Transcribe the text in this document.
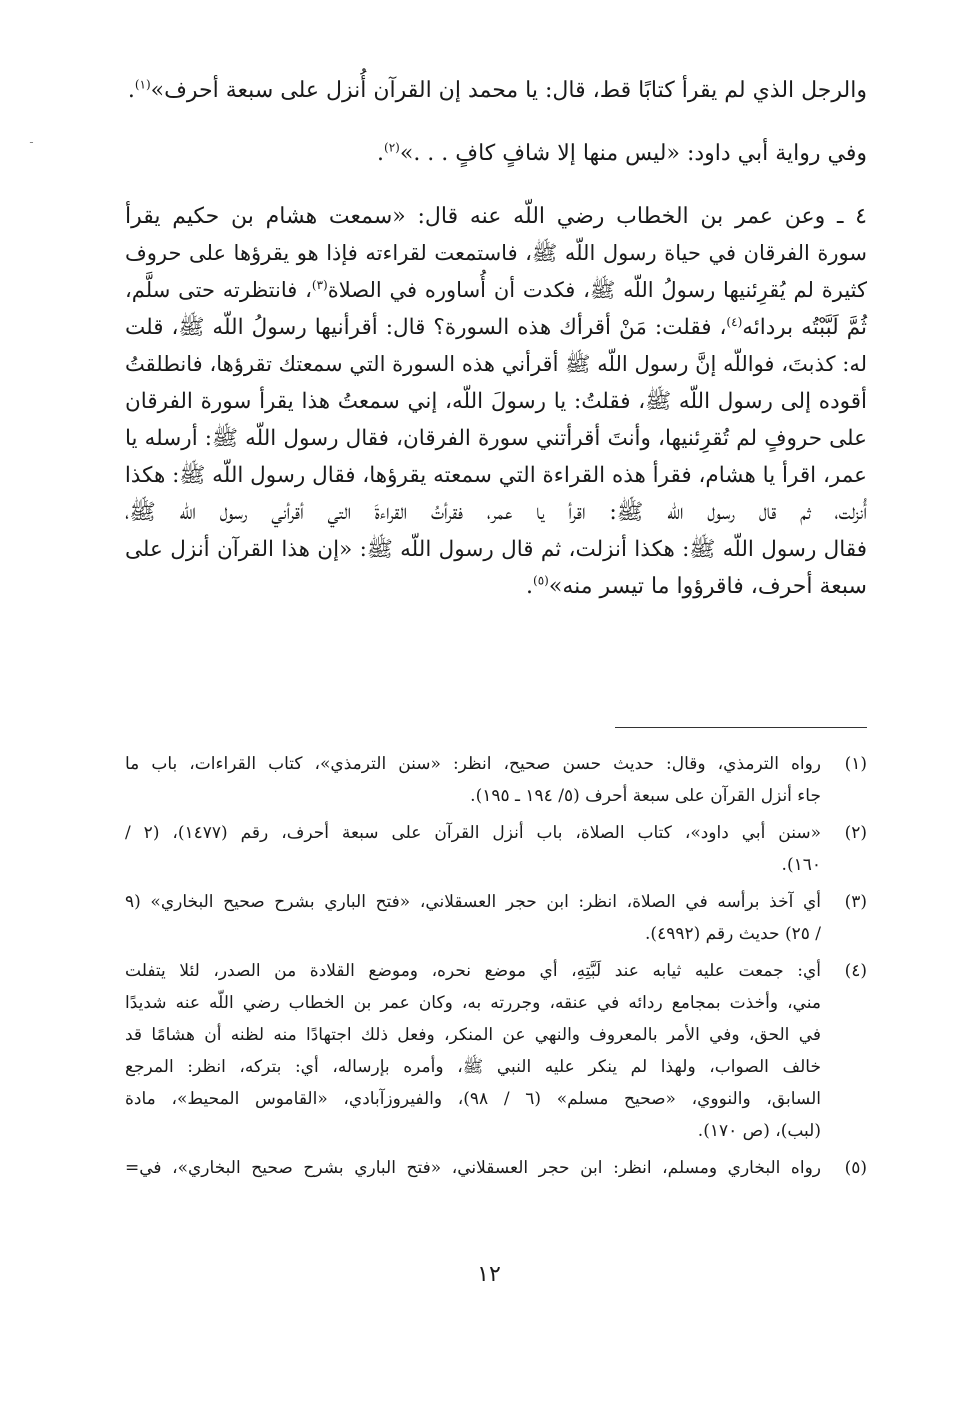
ـ
والرجل الذي لم يقرأ كتابًا قط، قال: يا محمد إن القرآن أُنزل على سبعة أحرف»$^{(١)}$.
وفي رواية أبي داود: «ليس منها إلا شافٍ كافٍ . . .»$^{(٢)}$.
٤ ـ وعن عمر بن الخطاب رضي اللّه عنه قال: «سمعت هشام بن حكيم يقرأ
سورة الفرقان في حياة رسول اللّه ﷺ، فاستمعت لقراءته فإذا هو يقرؤها على حروف
كثيرة لم يُقرِئنيها رسولُ اللّه ﷺ، فكدت أن أُساوره في الصلاة$^{(٣)}$، فانتظرته حتى سلَّم،
ثُمَّ لَبَّبْتُه بردائه$^{(٤)}$، فقلت: مَنْ أقرأك هذه السورة؟ قال: أقرأنيها رسولُ اللّه ﷺ، قلت
له: كذبتَ، فواللّه إنَّ رسول اللّه ﷺ أقرأني هذه السورة التي سمعتك تقرؤها، فانطلقتُ
أقوده إلى رسول اللّه ﷺ، فقلتُ: يا رسولَ اللّه، إني سمعتُ هذا يقرأ سورة الفرقان
على حروفٍ لم تُقرِئنيها، وأنتَ أقرأتني سورة الفرقان، فقال رسول اللّه ﷺ: أرسله يا
عمر، اقرأ يا هشام، فقرأ هذه القراءة التي سمعته يقرؤها، فقال رسول اللّه ﷺ: هكذا
أُنزلت، ثم قال رسول اللّه ﷺ: اقرأ يا عمر، فقرأتُ القراءةَ التي أقرأني رسول اللّه ﷺ،
فقال رسول اللّه ﷺ: هكذا أنزلت، ثم قال رسول اللّه ﷺ: «إن هذا القرآن أنزل على
سبعة أحرف، فاقرؤوا ما تيسر منه»$^{(٥)}$.
(١)
رواه الترمذي، وقال: حديث حسن صحيح، انظر: «سنن الترمذي»، كتاب القراءات، باب ما
جاء أنزل القرآن على سبعة أحرف (٥/ ١٩٤ ـ ١٩٥).
(٢)
«سنن أبي داود»، كتاب الصلاة، باب أنزل القرآن على سبعة أحرف، رقم (١٤٧٧)، (٢ /
١٦٠).
(٣)
أي آخذ برأسه في الصلاة، انظر: ابن حجر العسقلاني، «فتح الباري بشرح صحيح البخاري» (٩
/ ٢٥) حديث رقم (٤٩٩٢).
(٤)
أي: جمعت عليه ثيابه عند لَبَّتِهِ، أي موضع نحره، وموضع القلادة من الصدر، لئلا يتفلت
مني، وأخذت بمجامع ردائه في عنقه، وجررته به، وكان عمر بن الخطاب رضي اللّه عنه شديدًا
في الحق، وفي الأمر بالمعروف والنهي عن المنكر، وفعل ذلك اجتهادًا منه لظنه أن هشامًا قد
خالف الصواب، ولهذا لم ينكر عليه النبي ﷺ، وأمره بإرساله، أي: بتركه، انظر: المرجع
السابق، والنووي، «صحيح مسلم» (٦ / ٩٨)، والفيروزآبادي، «القاموس المحيط»، مادة
(لبب)، (ص ١٧٠).
(٥)
رواه البخاري ومسلم، انظر: ابن حجر العسقلاني، «فتح الباري بشرح صحيح البخاري»، في=
١٢
